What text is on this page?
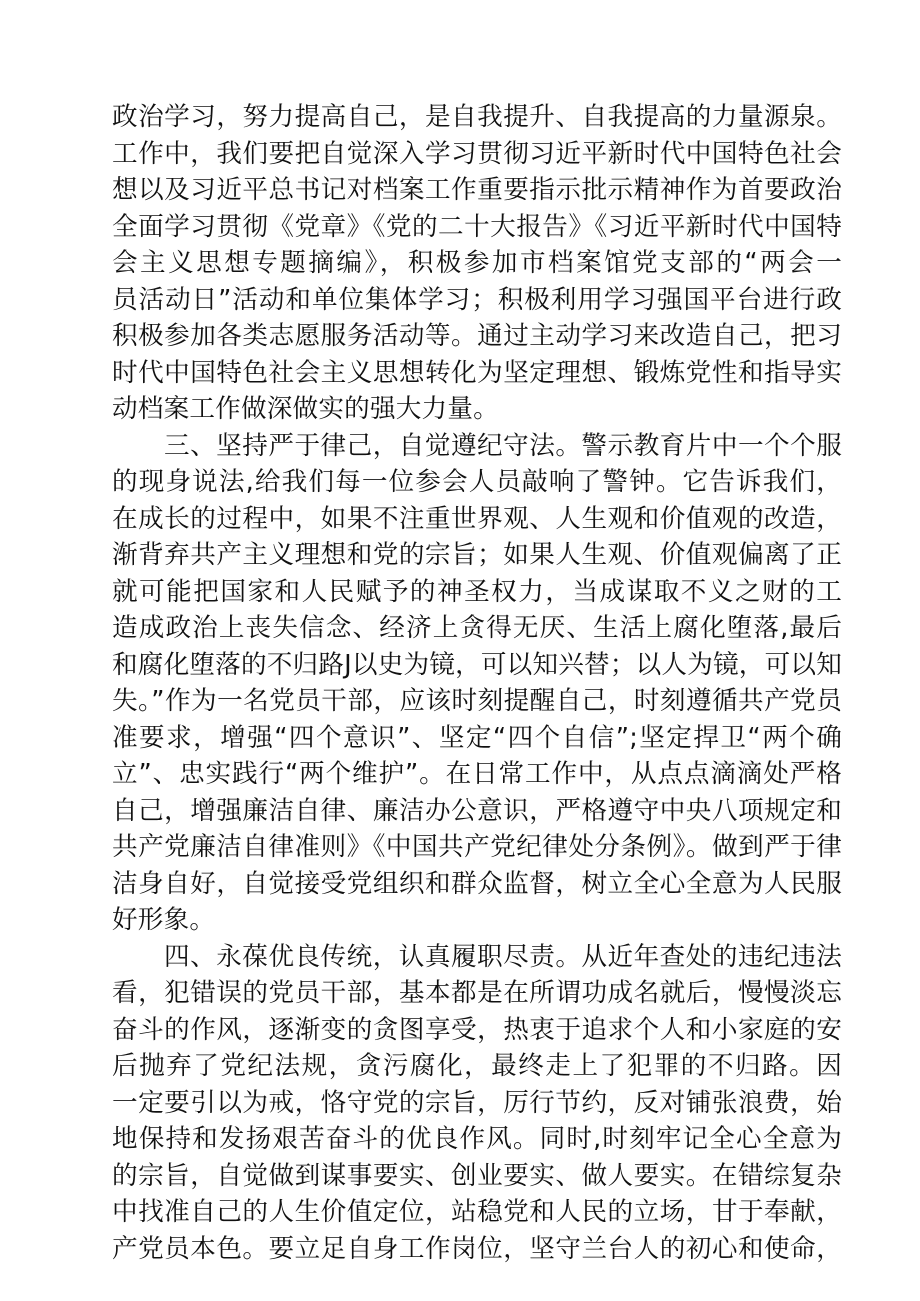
政治学习，努力提高自己，是自我提升、自我提高的力量源泉。
工作中，我们要把自觉深入学习贯彻习近平新时代中国特色社会
想以及习近平总书记对档案工作重要指示批示精神作为首要政治
全面学习贯彻《党章》《党的二十大报告》《习近平新时代中国特
会主义思想专题摘编》，积极参加市档案馆党支部的“两会一
员活动日”活动和单位集体学习；积极利用学习强国平台进行政
积极参加各类志愿服务活动等。通过主动学习来改造自己，把习
时代中国特色社会主义思想转化为坚定理想、锻炼党性和指导实
动档案工作做深做实的强大力量。
三、坚持严于律己，自觉遵纪守法。警示教育片中一个个服
的现身说法,给我们每一位参会人员敲响了警钟。它告诉我们，
在成长的过程中，如果不注重世界观、人生观和价值观的改造，
渐背弃共产主义理想和党的宗旨；如果人生观、价值观偏离了正
就可能把国家和人民赋予的神圣权力，当成谋取不义之财的工
造成政治上丧失信念、经济上贪得无厌、生活上腐化堕落,最后
和腐化堕落的不归路J以史为镜，可以知兴替；以人为镜，可以知
失。”作为一名党员干部，应该时刻提醒自己，时刻遵循共产党员
准要求，增强“四个意识”、坚定“四个自信”;坚定捍卫“两个确
立”、忠实践行“两个维护”。在日常工作中，从点点滴滴处严格
自己，增强廉洁自律、廉洁办公意识，严格遵守中央八项规定和
共产党廉洁自律准则》《中国共产党纪律处分条例》。做到严于律
洁身自好，自觉接受党组织和群众监督，树立全心全意为人民服
好形象。
四、永葆优良传统，认真履职尽责。从近年查处的违纪违法
看，犯错误的党员干部，基本都是在所谓功成名就后，慢慢淡忘
奋斗的作风，逐渐变的贪图享受，热衷于追求个人和小家庭的安
后抛弃了党纪法规，贪污腐化，最终走上了犯罪的不归路。因
一定要引以为戒，恪守党的宗旨，厉行节约，反对铺张浪费，始
地保持和发扬艰苦奋斗的优良作风。同时,时刻牢记全心全意为
的宗旨，自觉做到谋事要实、创业要实、做人要实。在错综复杂
中找准自己的人生价值定位，站稳党和人民的立场，甘于奉献，
产党员本色。要立足自身工作岗位，坚守兰台人的初心和使命，
